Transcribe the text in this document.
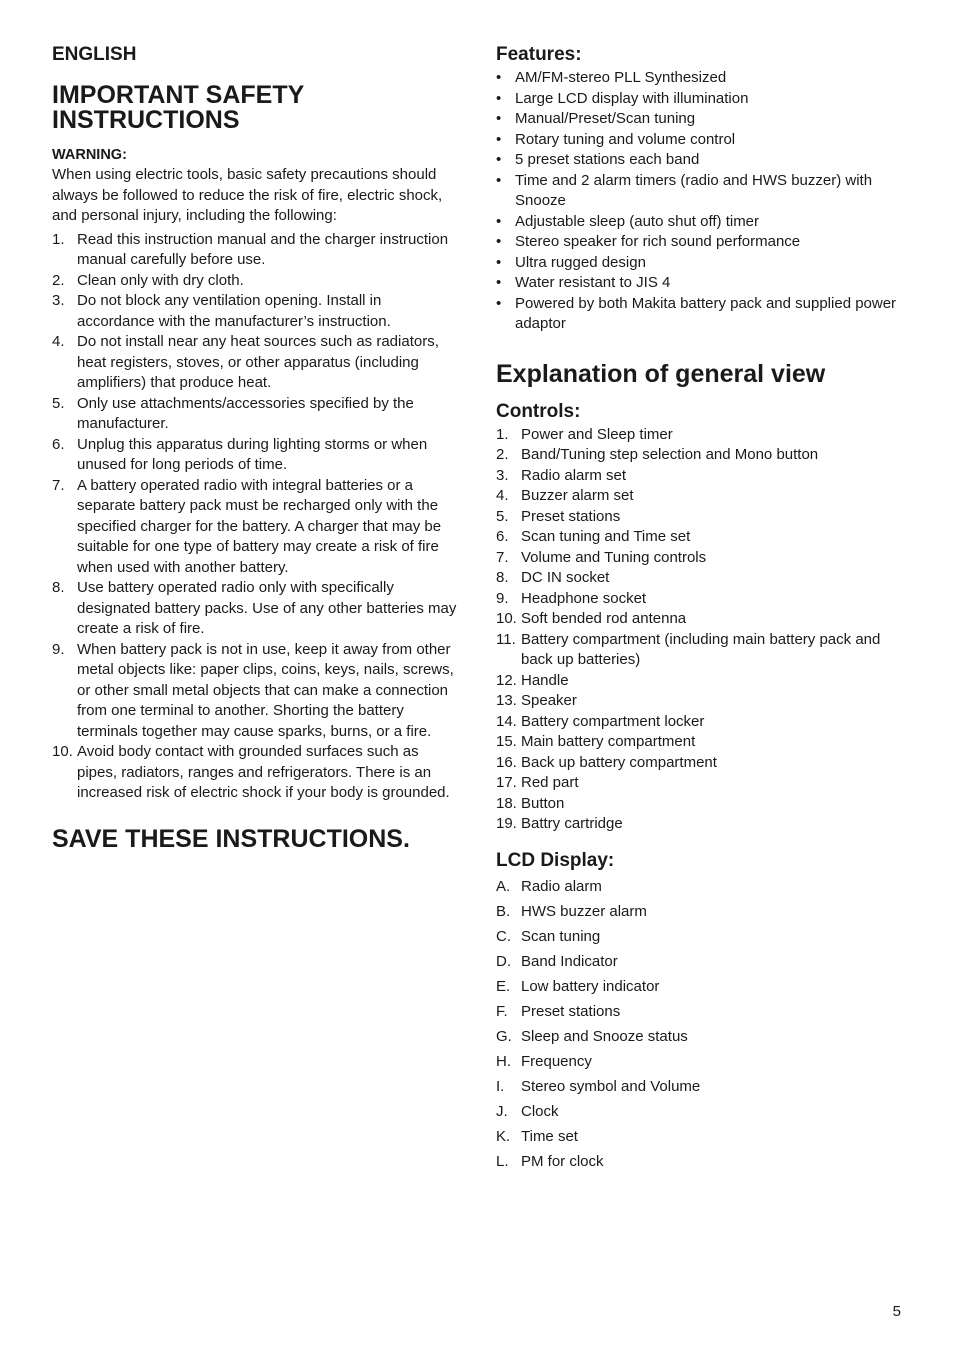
ENGLISH
IMPORTANT SAFETY INSTRUCTIONS
WARNING:

When using electric tools, basic safety precautions should always be followed to reduce the risk of fire, electric shock, and personal injury, including the following:

1. Read this instruction manual and the charger instruction manual carefully before use.
2. Clean only with dry cloth.
3. Do not block any ventilation opening. Install in accordance with the manufacturer’s instruction.
4. Do not install near any heat sources such as radiators, heat registers, stoves, or other apparatus (including amplifiers) that produce heat.
5. Only use attachments/accessories specified by the manufacturer.
6. Unplug this apparatus during lighting storms or when unused for long periods of time.
7. A battery operated radio with integral batteries or a separate battery pack must be recharged only with the specified charger for the battery. A charger that may be suitable for one type of battery may create a risk of fire when used with another battery.
8. Use battery operated radio only with specifically designated battery packs. Use of any other batteries may create a risk of fire.
9. When battery pack is not in use, keep it away from other metal objects like: paper clips, coins, keys, nails, screws, or other small metal objects that can make a connection from one terminal to another. Shorting the battery terminals together may cause sparks, burns, or a fire.
10. Avoid body contact with grounded surfaces such as pipes, radiators, ranges and refrigerators. There is an increased risk of electric shock if your body is grounded.
SAVE THESE INSTRUCTIONS.
Features:
• AM/FM-stereo PLL Synthesized
• Large LCD display with illumination
• Manual/Preset/Scan tuning
• Rotary tuning and volume control
• 5 preset stations each band
• Time and 2 alarm timers (radio and HWS buzzer) with Snooze
• Adjustable sleep (auto shut off) timer
• Stereo speaker for rich sound performance
• Ultra rugged design
• Water resistant to JIS 4
• Powered by both Makita battery pack and supplied power adaptor
Explanation of general view
Controls:
1. Power and Sleep timer
2. Band/Tuning step selection and Mono button
3. Radio alarm set
4. Buzzer alarm set
5. Preset stations
6. Scan tuning and Time set
7. Volume and Tuning controls
8. DC IN socket
9. Headphone socket
10. Soft bended rod antenna
11. Battery compartment (including main battery pack and back up batteries)
12. Handle
13. Speaker
14. Battery compartment locker
15. Main battery compartment
16. Back up battery compartment
17. Red part
18. Button
19. Battry cartridge
LCD Display:
A. Radio alarm
B. HWS buzzer alarm
C. Scan tuning
D. Band Indicator
E. Low battery indicator
F. Preset stations
G. Sleep and Snooze status
H. Frequency
I.	Stereo symbol and Volume
J. Clock
K. Time set
L. PM for clock
5
